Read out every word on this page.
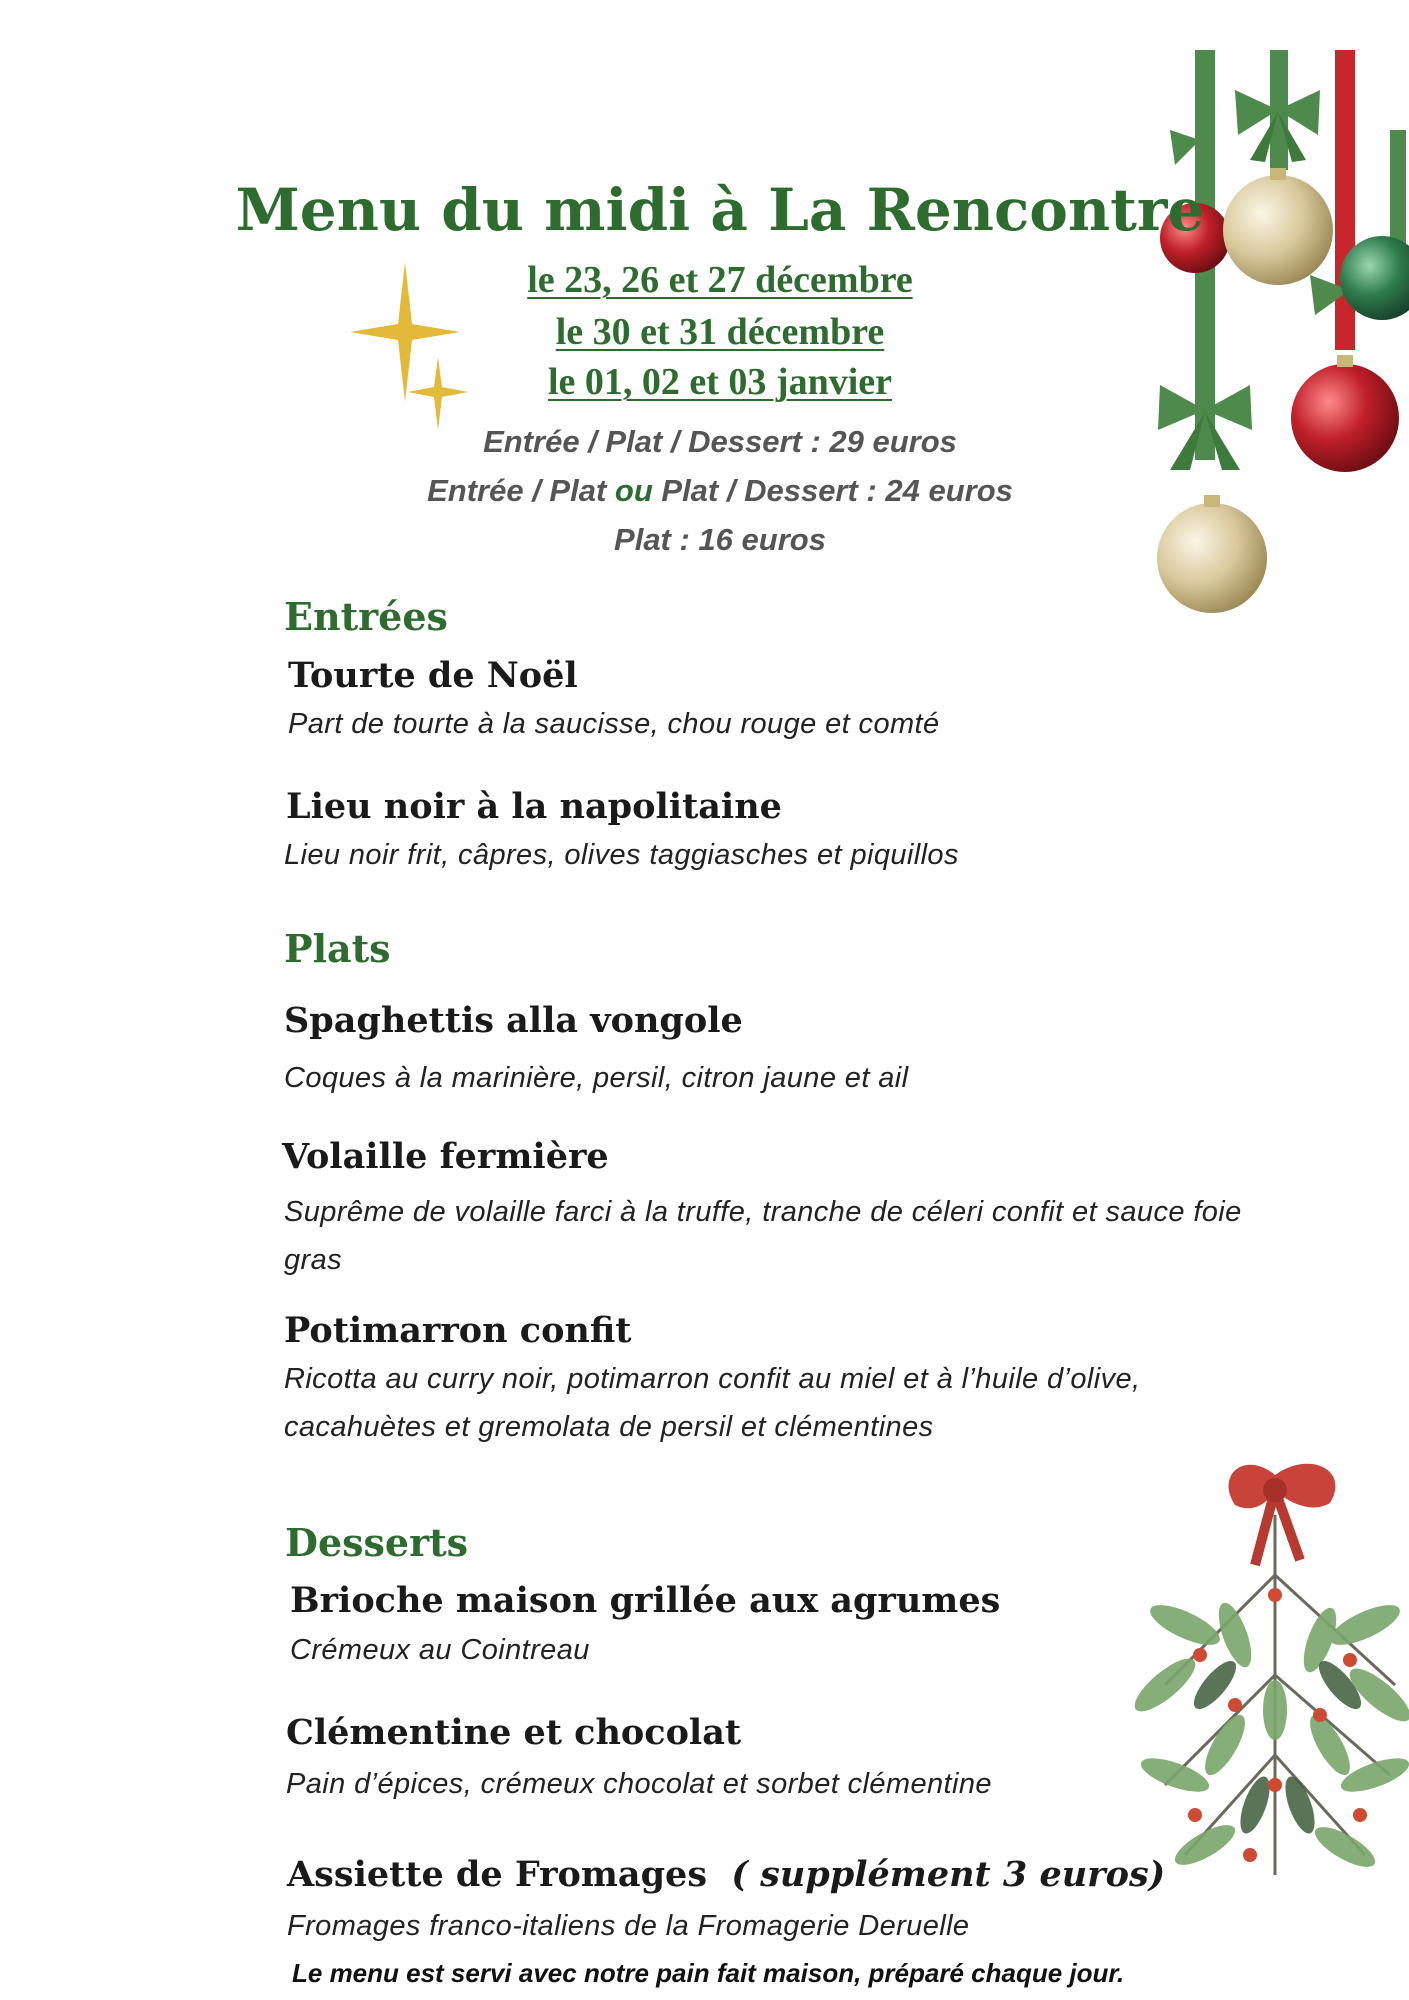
Menu du midi à La Rencontre
le 23, 26 et 27 décembre
le 30 et 31 décembre
le 01, 02 et 03 janvier
Entrée / Plat / Dessert : 29 euros
Entrée / Plat ou Plat / Dessert : 24 euros
Plat : 16 euros
Entrées
Tourte de Noël
Part de tourte à la saucisse, chou rouge et comté
Lieu noir à la napolitaine
Lieu noir frit, câpres, olives taggiasches et piquillos
Plats
Spaghettis alla vongole
Coques à la marinière, persil, citron jaune et ail
Volaille fermière
Suprême de volaille farci à la truffe, tranche de céleri confit et sauce foie
gras
Potimarron confit
Ricotta au curry noir, potimarron confit au miel et à l’huile d’olive,
cacahuètes et gremolata de persil et clémentines
Desserts
Brioche maison grillée aux agrumes
Crémeux au Cointreau
Clémentine et chocolat
Pain d’épices, crémeux chocolat et sorbet clémentine
Assiette de Fromages ( supplément 3 euros)
Fromages franco-italiens de la Fromagerie Deruelle
Le menu est servi avec notre pain fait maison, préparé chaque jour.
